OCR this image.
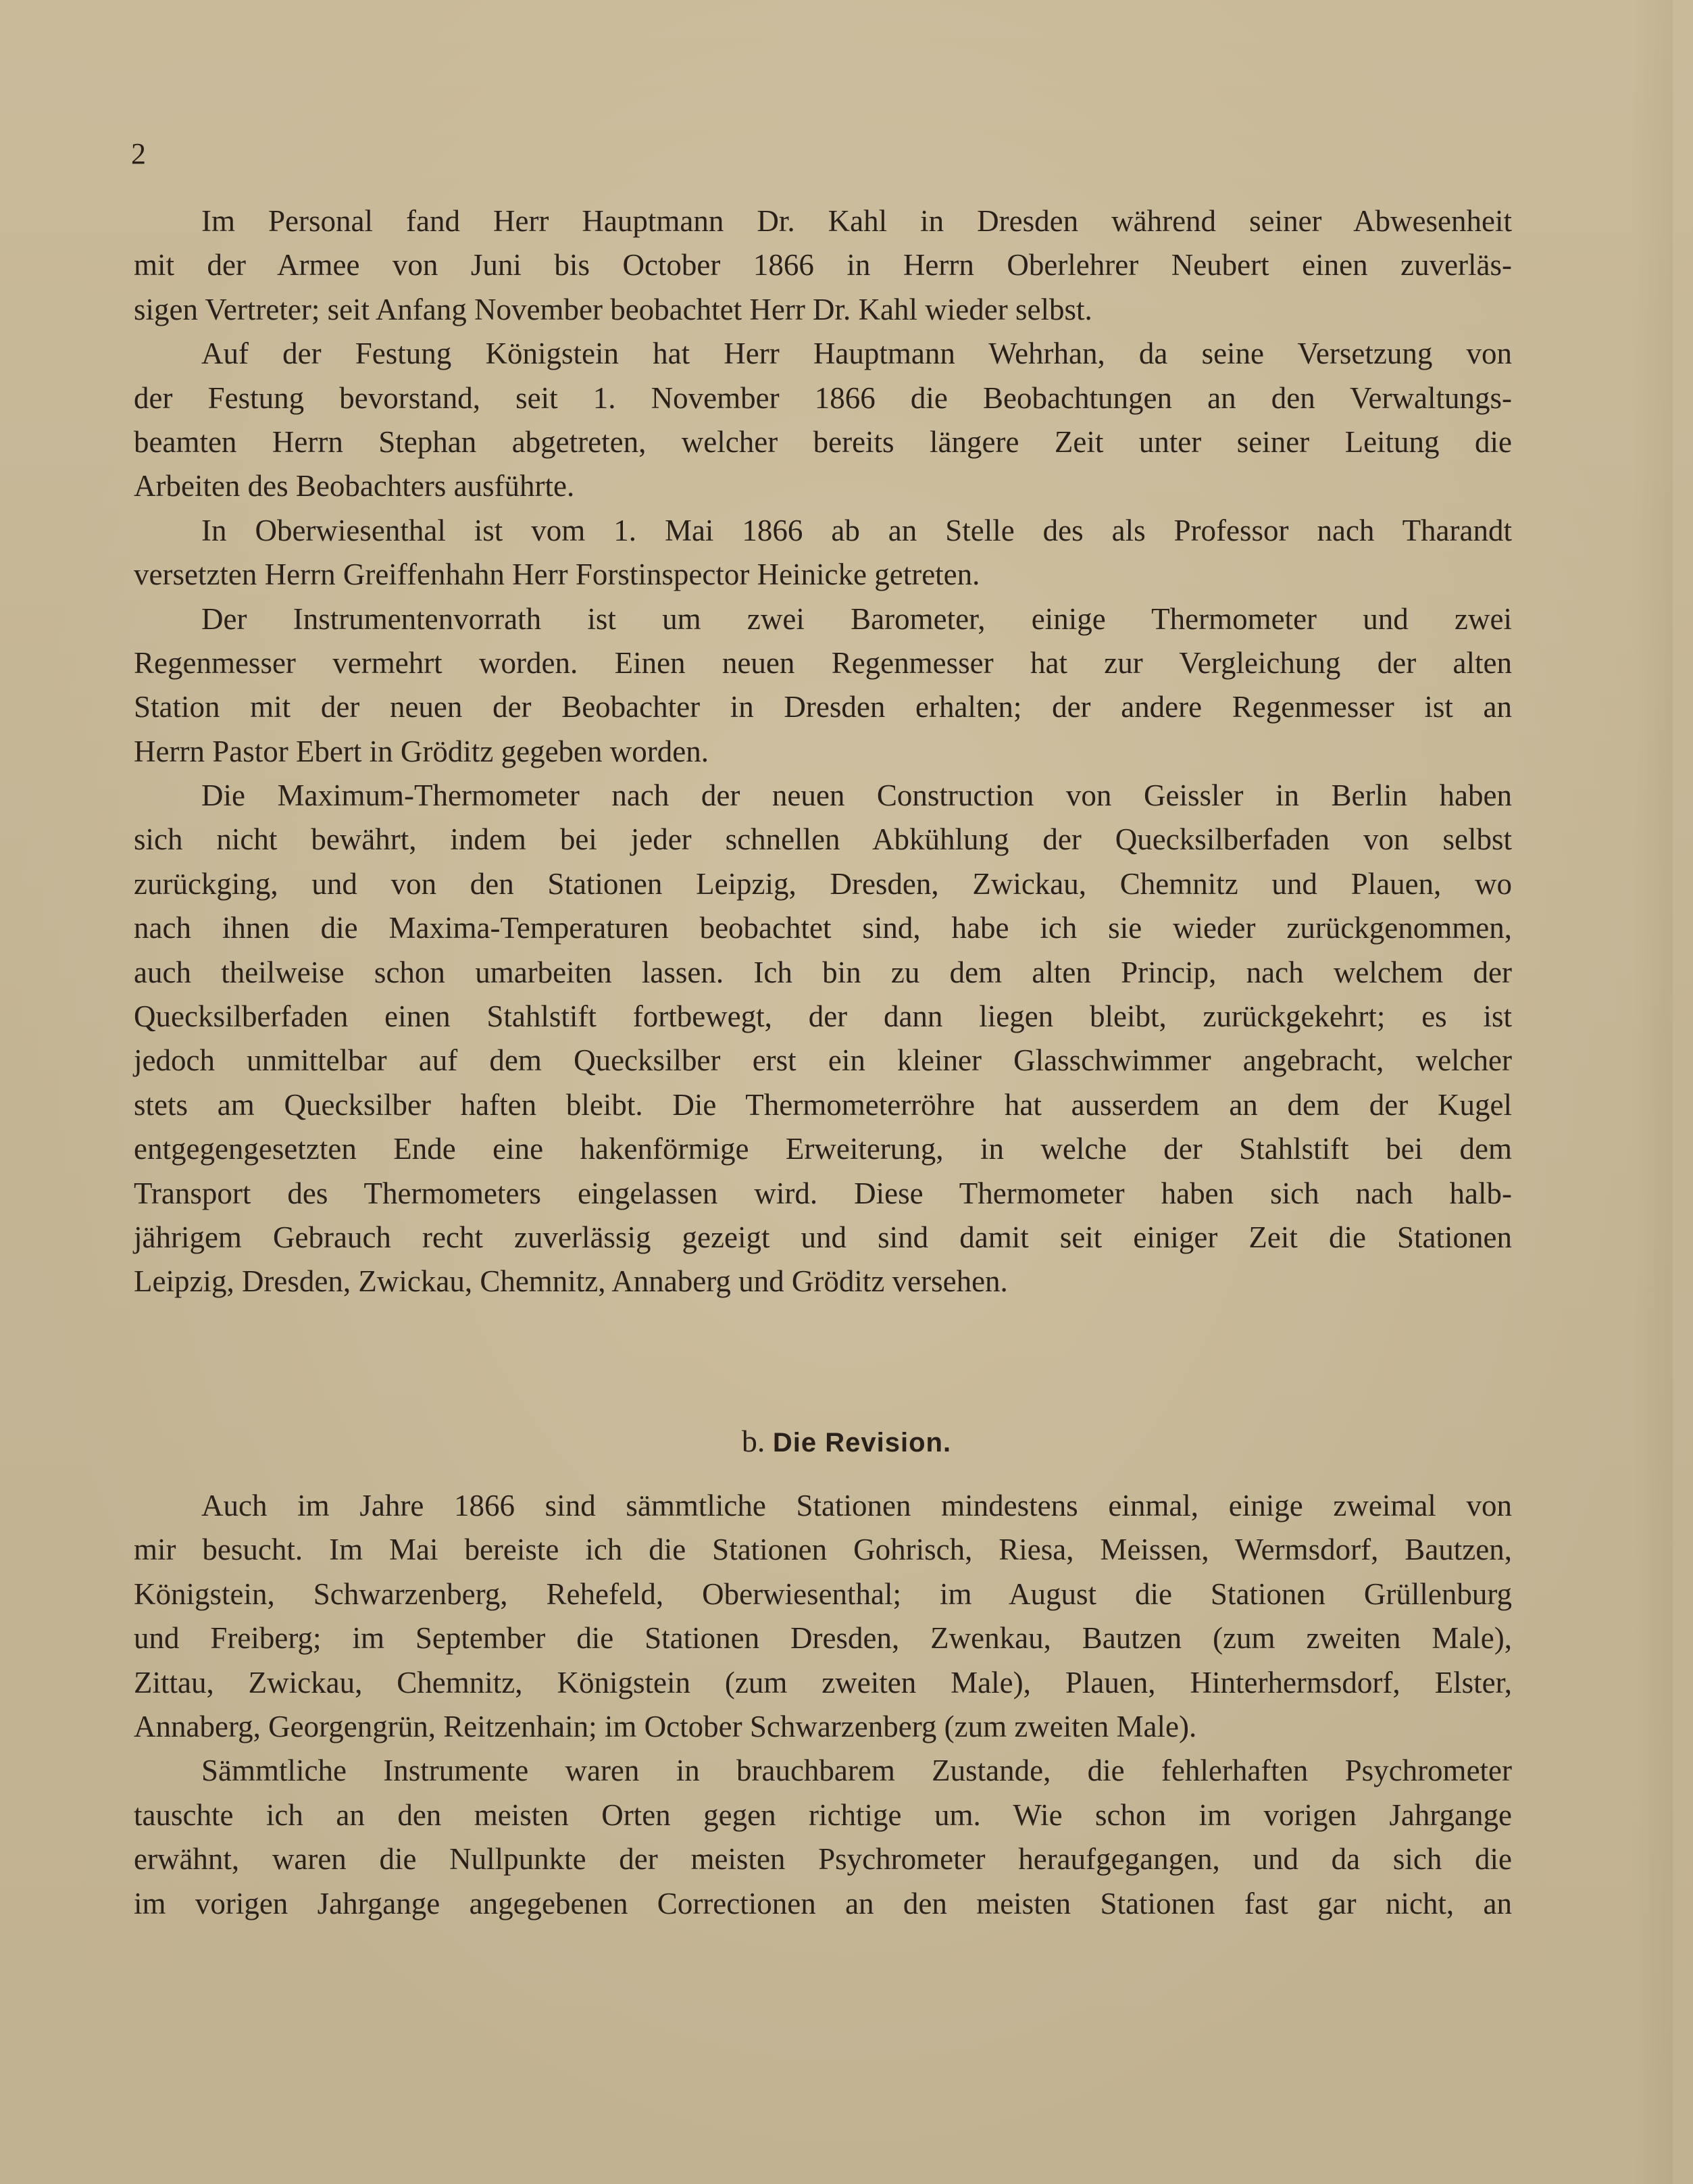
2
Im Personal fand Herr Hauptmann Dr. Kahl in Dresden während seiner Abwesenheit
mit der Armee von Juni bis October 1866 in Herrn Oberlehrer Neubert einen zuverläs-
sigen Vertreter; seit Anfang November beobachtet Herr Dr. Kahl wieder selbst.
Auf der Festung Königstein hat Herr Hauptmann Wehrhan, da seine Versetzung von
der Festung bevorstand, seit 1. November 1866 die Beobachtungen an den Verwaltungs-
beamten Herrn Stephan abgetreten, welcher bereits längere Zeit unter seiner Leitung die
Arbeiten des Beobachters ausführte.
In Oberwiesenthal ist vom 1. Mai 1866 ab an Stelle des als Professor nach Tharandt
versetzten Herrn Greiffenhahn Herr Forstinspector Heinicke getreten.
Der Instrumentenvorrath ist um zwei Barometer, einige Thermometer und zwei
Regenmesser vermehrt worden. Einen neuen Regenmesser hat zur Vergleichung der alten
Station mit der neuen der Beobachter in Dresden erhalten; der andere Regenmesser ist an
Herrn Pastor Ebert in Gröditz gegeben worden.
Die Maximum-Thermometer nach der neuen Construction von Geissler in Berlin haben
sich nicht bewährt, indem bei jeder schnellen Abkühlung der Quecksilberfaden von selbst
zurückging, und von den Stationen Leipzig, Dresden, Zwickau, Chemnitz und Plauen, wo
nach ihnen die Maxima-Temperaturen beobachtet sind, habe ich sie wieder zurückgenommen,
auch theilweise schon umarbeiten lassen. Ich bin zu dem alten Princip, nach welchem der
Quecksilberfaden einen Stahlstift fortbewegt, der dann liegen bleibt, zurückgekehrt; es ist
jedoch unmittelbar auf dem Quecksilber erst ein kleiner Glasschwimmer angebracht, welcher
stets am Quecksilber haften bleibt. Die Thermometerröhre hat ausserdem an dem der Kugel
entgegengesetzten Ende eine hakenförmige Erweiterung, in welche der Stahlstift bei dem
Transport des Thermometers eingelassen wird. Diese Thermometer haben sich nach halb-
jährigem Gebrauch recht zuverlässig gezeigt und sind damit seit einiger Zeit die Stationen
Leipzig, Dresden, Zwickau, Chemnitz, Annaberg und Gröditz versehen.
b. Die Revision.
Auch im Jahre 1866 sind sämmtliche Stationen mindestens einmal, einige zweimal von
mir besucht. Im Mai bereiste ich die Stationen Gohrisch, Riesa, Meissen, Wermsdorf, Bautzen,
Königstein, Schwarzenberg, Rehefeld, Oberwiesenthal; im August die Stationen Grüllenburg
und Freiberg; im September die Stationen Dresden, Zwenkau, Bautzen (zum zweiten Male),
Zittau, Zwickau, Chemnitz, Königstein (zum zweiten Male), Plauen, Hinterhermsdorf, Elster,
Annaberg, Georgengrün, Reitzenhain; im October Schwarzenberg (zum zweiten Male).
Sämmtliche Instrumente waren in brauchbarem Zustande, die fehlerhaften Psychrometer
tauschte ich an den meisten Orten gegen richtige um. Wie schon im vorigen Jahrgange
erwähnt, waren die Nullpunkte der meisten Psychrometer heraufgegangen, und da sich die
im vorigen Jahrgange angegebenen Correctionen an den meisten Stationen fast gar nicht, an
